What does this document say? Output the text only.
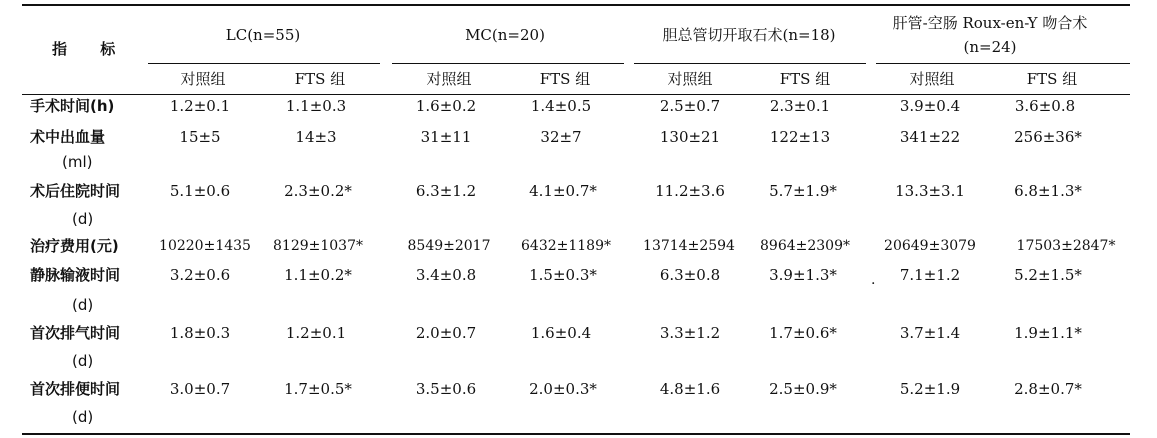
指 标
LC(n=55)	MC(n=20)	胆总管切开取石术(n=18)
肝管-空肠 Roux-en-Y 吻合术
(n=24)
对照组	FTS 组	对照组	FTS 组	对照组	FTS 组	对照组	FTS 组
手术时间(h)	1.2±0.1	1.1±0.3	1.6±0.2	1.4±0.5	2.5±0.7	2.3±0.1	3.9±0.4	3.6±0.8
术中出血量
(ml)
15±5	14±3	31±11	32±7	130±21	122±13	341±22	256±36*
术后住院时间
(d)
5.1±0.6	2.3±0.2*	6.3±1.2	4.1±0.7*	11.2±3.6	5.7±1.9*	13.3±3.1	6.8±1.3*
治疗费用(元)	10220±1435 8129±1037*	8549±2017 6432±1189* 13714±2594 8964±2309* 20649±3079	17503±2847*
静脉输液时间
(d)
3.2±0.6	1.1±0.2*	3.4±0.8	1.5±0.3*	6.3±0.8	3.9±1.3* . 7.1±1.2	5.2±1.5*
首次排气时间
(d)
1.8±0.3	1.2±0.1	2.0±0.7	1.6±0.4	3.3±1.2	1.7±0.6*	3.7±1.4	1.9±1.1*
首次排便时间
(d)
3.0±0.7	1.7±0.5*	3.5±0.6	2.0±0.3*	4.8±1.6	2.5±0.9*	5.2±1.9	2.8±0.7*
